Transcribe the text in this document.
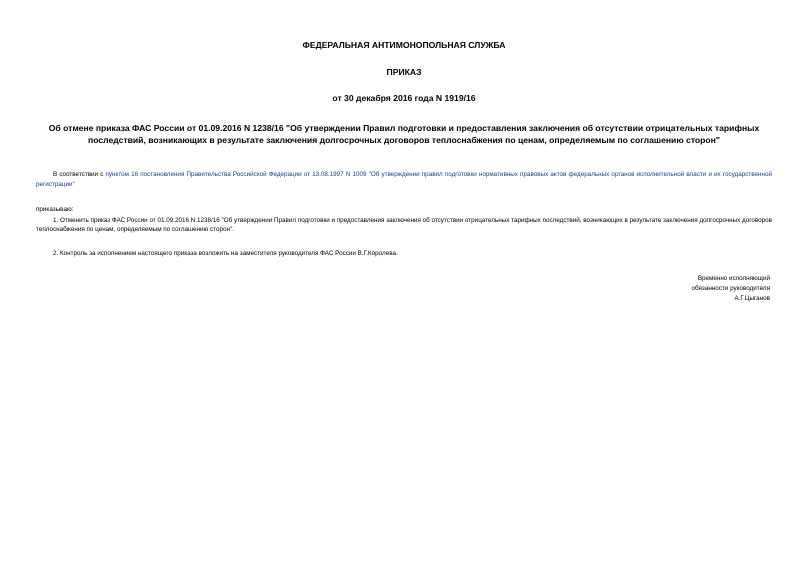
ФЕДЕРАЛЬНАЯ АНТИМОНОПОЛЬНАЯ СЛУЖБА
ПРИКАЗ
от 30 декабря 2016 года N 1919/16
Об отмене приказа ФАС России от 01.09.2016 N 1238/16 "Об утверждении Правил подготовки и предоставления заключения об отсутствии отрицательных тарифных последствий, возникающих в результате заключения долгосрочных договоров теплоснабжения по ценам, определяемым по соглашению сторон"
В соответствии с пунктом 16 постановления Правительства Российской Федерации от 13.08.1997 N 1009 "Об утверждении правил подготовки нормативных правовых актов федеральных органов исполнительной власти и их государственной регистрации"
приказываю:
1. Отменить приказ ФАС России от 01.09.2016 N 1238/16 "Об утверждении Правил подготовки и предоставления заключения об отсутствии отрицательных тарифных последствий, возникающих в результате заключения долгосрочных договоров теплоснабжения по ценам, определяемым по соглашению сторон".
2. Контроль за исполнением настоящего приказа возложить на заместителя руководителя ФАС России В.Г.Королева.
Временно исполняющий
обязанности руководителя
А.Г.Цыганов
